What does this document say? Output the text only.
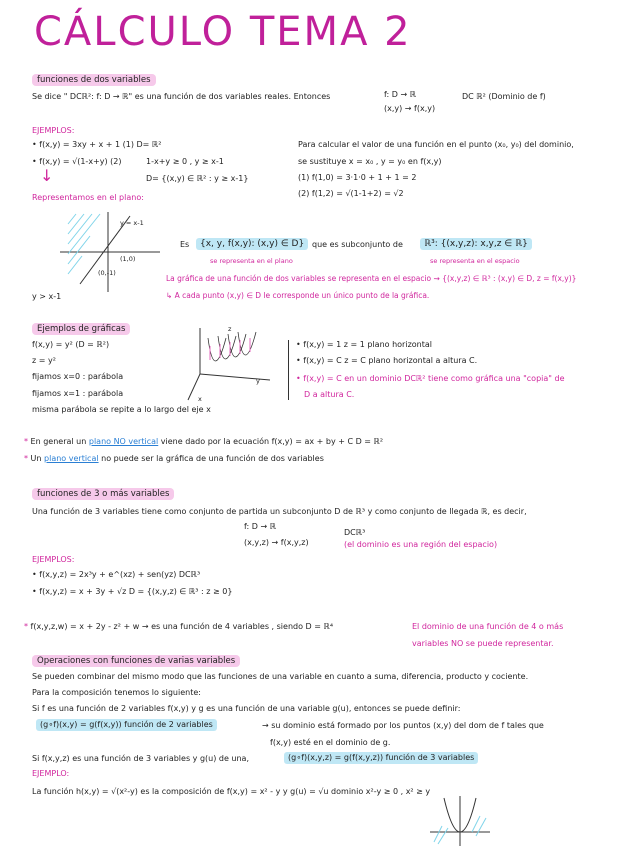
CÁLCULO TEMA 2
funciones de dos variables
Se dice " DCℝ²: f: D → ℝ" es una función de dos variables reales. Entonces	f: D → ℝ
(x,y) → f(x,y)
DC ℝ² (Dominio de f)
EJEMPLOS:
• f(x,y) = 3xy + x + 1 (1) D= ℝ²
• f(x,y) = √(1-x+y) (2)	1-x+y ≥ 0 , y ≥ x-1
D= {(x,y) ∈ ℝ² : y ≥ x-1}
↓
Representamos en el plano:
Para calcular el valor de una función en el punto (x₀, y₀) del dominio,
se sustituye x = x₀ , y = y₀ en f(x,y)
(1) f(1,0) = 3·1·0 + 1 + 1 = 2
(2) f(1,2) = √(1-1+2) = √2
y = x-1
(1,0)
(0,-1)
y > x-1
Es	{x, y, f(x,y): (x,y) ∈ D} que es subconjunto de	ℝ³: {(x,y,z): x,y,z ∈ ℝ}
se representa en el plano	se representa en el espacio
La gráfica de una función de dos variables se representa en el espacio ⇝ {(x,y,z) ∈ ℝ³ : (x,y) ∈ D, z = f(x,y)}
↳ A cada punto (x,y) ∈ D le corresponde un único punto de la gráfica.
Ejemplos de gráficas
f(x,y) = y² (D = ℝ²)
z = y²
fijamos x=0 : parábola
fijamos x=1 : parábola
misma parábola se repite a lo largo del eje x
z
y
x
• f(x,y) = 1 z = 1 plano horizontal
• f(x,y) = C z = C plano horizontal a altura C.
• f(x,y) = C en un dominio DCℝ² tiene como gráfica una "copia" de
D a altura C.
* En general un plano NO vertical viene dado por la ecuación f(x,y) = ax + by + C D = ℝ²
* Un plano vertical no puede ser la gráfica de una función de dos variables
funciones de 3 o más variables
Una función de 3 variables tiene como conjunto de partida un subconjunto D de ℝ³ y como conjunto de llegada ℝ, es decir,
f: D → ℝ
(x,y,z) → f(x,y,z)
DCℝ³
(el dominio es una región del espacio)
EJEMPLOS:
• f(x,y,z) = 2x³y + e^(xz) + sen(yz) DCℝ³
• f(x,y,z) = x + 3y + √z D = {(x,y,z) ∈ ℝ³ : z ≥ 0}
* f(x,y,z,w) = x + 2y - z² + w → es una función de 4 variables , siendo D = ℝ⁴	El dominio de una función de 4 o más
variables NO se puede representar.
Operaciones con funciones de varias variables
Se pueden combinar del mismo modo que las funciones de una variable en cuanto a suma, diferencia, producto y cociente.
Para la composición tenemos lo siguiente:
Si f es una función de 2 variables f(x,y) y g es una función de una variable g(u), entonces se puede definir:
(g∘f)(x,y) = g(f(x,y)) función de 2 variables	→ su dominio está formado por los puntos (x,y) del dom de f tales que
f(x,y) esté en el dominio de g.
Si f(x,y,z) es una función de 3 variables y g(u) de una,	(g∘f)(x,y,z) = g(f(x,y,z)) función de 3 variables
EJEMPLO:
La función h(x,y) = √(x²-y) es la composición de f(x,y) = x² - y y g(u) = √u dominio x²-y ≥ 0 , x² ≥ y
